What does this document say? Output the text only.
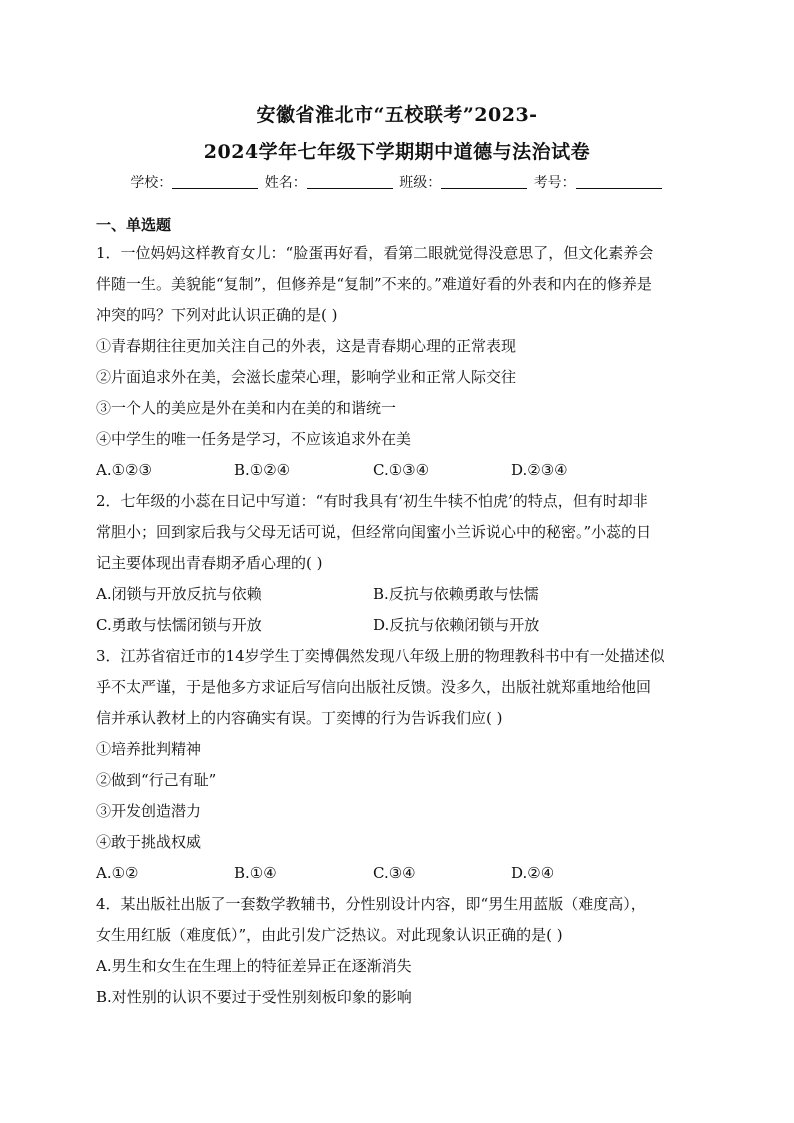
安徽省淮北市“五校联考”2023-
2024学年七年级下学期期中道德与法治试卷
学校：	姓名：	班级：	考号：
一、单选题
1．一位妈妈这样教育女儿：“脸蛋再好看，看第二眼就觉得没意思了，但文化素养会
伴随一生。美貌能“复制”，但修养是“复制”不来的。”难道好看的外表和内在的修养是
冲突的吗？下列对此认识正确的是( )
①青春期往往更加关注自己的外表，这是青春期心理的正常表现
②片面追求外在美，会滋长虚荣心理，影响学业和正常人际交往
③一个人的美应是外在美和内在美的和谐统一
④中学生的唯一任务是学习，不应该追求外在美
A.①②③	B.①②④	C.①③④	D.②③④
2．七年级的小蕊在日记中写道：“有时我具有‘初生牛犊不怕虎’的特点，但有时却非
常胆小；回到家后我与父母无话可说，但经常向闺蜜小兰诉说心中的秘密。”小蕊的日
记主要体现出青春期矛盾心理的( )
A.闭锁与开放反抗与依赖	B.反抗与依赖勇敢与怯懦
C.勇敢与怯懦闭锁与开放	D.反抗与依赖闭锁与开放
3．江苏省宿迁市的14岁学生丁奕博偶然发现八年级上册的物理教科书中有一处描述似
乎不太严谨，于是他多方求证后写信向出版社反馈。没多久，出版社就郑重地给他回
信并承认教材上的内容确实有误。丁奕博的行为告诉我们应( )
①培养批判精神
②做到“行己有耻”
③开发创造潜力
④敢于挑战权威
A.①②	B.①④	C.③④	D.②④
4．某出版社出版了一套数学教辅书，分性别设计内容，即“男生用蓝版（难度高），
女生用红版（难度低）”，由此引发广泛热议。对此现象认识正确的是( )
A.男生和女生在生理上的特征差异正在逐渐消失
B.对性别的认识不要过于受性别刻板印象的影响
